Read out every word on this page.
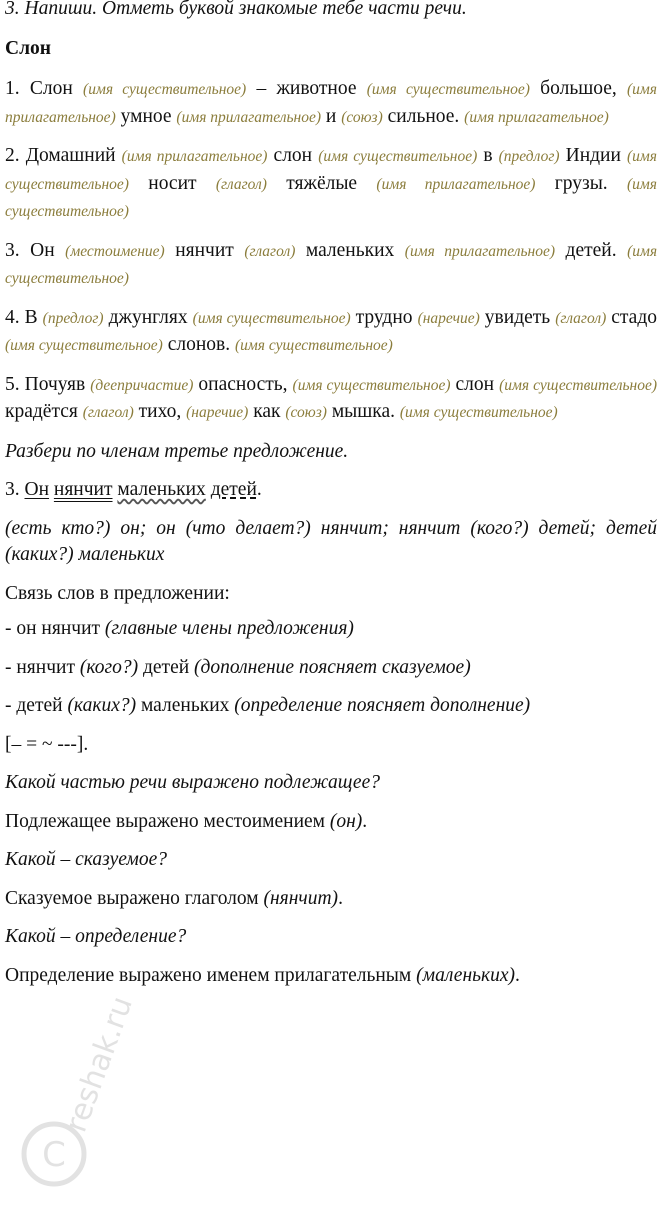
3. Напиши. Отметь буквой знакомые тебе части речи.

Слон

1. Слон (имя существительное) – животное (имя существительное) большое, (имя прилагательное) умное (имя прилагательное) и (союз) сильное. (имя прилагательное)

2. Домашний (имя прилагательное) слон (имя существительное) в (предлог) Индии (имя существительное) носит (глагол) тяжёлые (имя прилагательное) грузы. (имя существительное)

3. Он (местоимение) нянчит (глагол) маленьких (имя прилагательное) детей. (имя существительное)

4. В (предлог) джунглях (имя существительное) трудно (наречие) увидеть (глагол) стадо (имя существительное) слонов. (имя существительное)

5. Почуяв (деепричастие) опасность, (имя существительное) слон (имя существительное) крадётся (глагол) тихо, (наречие) как (союз) мышка. (имя существительное)

Разбери по членам третье предложение.

3. Он нянчит маленьких детей.

(есть кто?) он; он (что делает?) нянчит; нянчит (кого?) детей; детей (каких?) маленьких

Связь слов в предложении:

- он нянчит (главные члены предложения)

- нянчит (кого?) детей (дополнение поясняет сказуемое)

- детей (каких?) маленьких (определение поясняет дополнение)

[– = ~ ---].

Какой частью речи выражено подлежащее?

Подлежащее выражено местоимением (он).

Какой – сказуемое?

Сказуемое выражено глаголом (нянчит).

Какой – определение?

Определение выражено именем прилагательным (маленьких).

C
reshak.ru
